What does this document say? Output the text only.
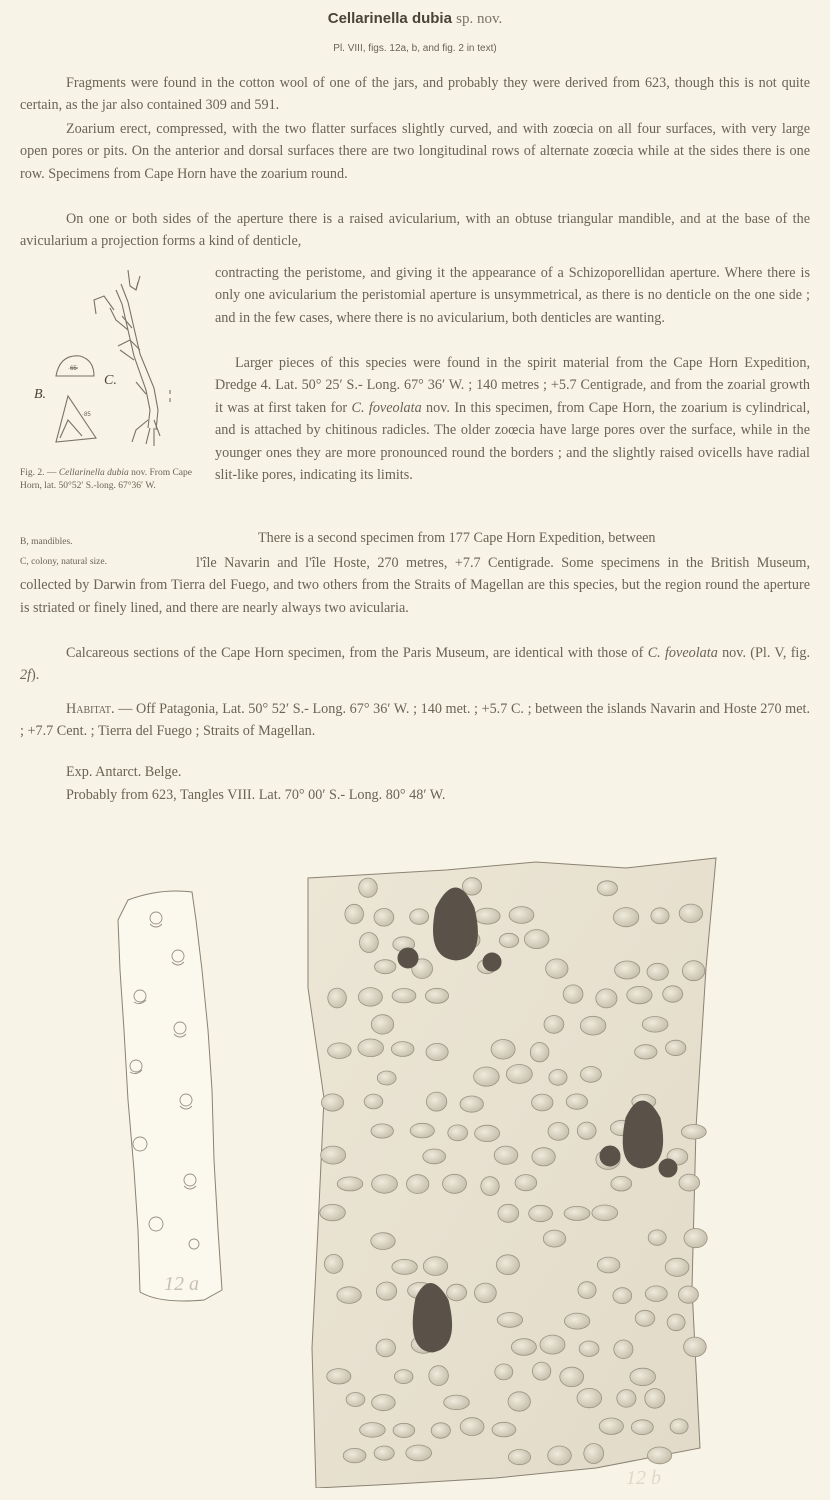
Cellarinella dubia sp. nov.
Pl. VIII, figs. 12a, b, and fig. 2 in text)

Fragments were found in the cotton wool of one of the jars, and probably they were derived from 623, though this is not quite certain, as the jar also contained 309 and 591.

Zoarium erect, compressed, with the two flatter surfaces slightly curved, and with zoœcia on all four surfaces, with very large open pores or pits. On the anterior and dorsal surfaces there are two longitudinal rows of alternate zoœcia while at the sides there is one row. Specimens from Cape Horn have the zoarium round.

On one or both sides of the aperture there is a raised avicularium, with an obtuse triangular mandible, and at the base of the avicularium a projection forms a kind of denticle,

B.
C.
·65
·85

contracting the peristome, and giving it the appearance of a Schizoporellidan aperture. Where there is only one avicularium the peristomial aperture is unsymmetrical, as there is no denticle on the one side ; and in the few cases, where there is no avicularium, both denticles are wanting.

Larger pieces of this species were found in the spirit material from the Cape Horn Expedition, Dredge 4. Lat. 50° 25′ S.- Long. 67° 36′ W. ; 140 metres ; +5.7 Centigrade, and from the zoarial growth it was at first taken for C. foveolata nov. In this specimen, from Cape Horn, the zoarium is cylindrical, and is attached by chitinous radicles. The older zoœcia have large pores over the surface, while in the younger ones they are more pronounced round the borders ; and the slightly raised ovicells have radial slit-like pores, indicating its limits.

Fig. 2. — Cellarinella dubia nov. From Cape Horn, lat. 50°52′ S.-long. 67°36′ W.
B, mandibles.	There is a second specimen from 177 Cape Horn Expedition, between
C, colony, natural size.	l'île Navarin and l'île Hoste, 270 metres, +7.7 Centigrade. Some specimens in the British Museum, collected by Darwin from Tierra del Fuego, and two others from the Straits of Magellan are this species, but the region round the aperture is striated or finely lined, and there are nearly always two avicularia.

Calcareous sections of the Cape Horn specimen, from the Paris Museum, are identical with those of C. foveolata nov. (Pl. V, fig. 2f).

Habitat. — Off Patagonia, Lat. 50° 52′ S.- Long. 67° 36′ W. ; 140 met. ; +5.7 C. ; between the islands Navarin and Hoste 270 met. ; +7.7 Cent. ; Tierra del Fuego ; Straits of Magellan.

Exp. Antarct. Belge.
Probably from 623, Tangles VIII. Lat. 70° 00′ S.- Long. 80° 48′ W.
12 a
12 b
